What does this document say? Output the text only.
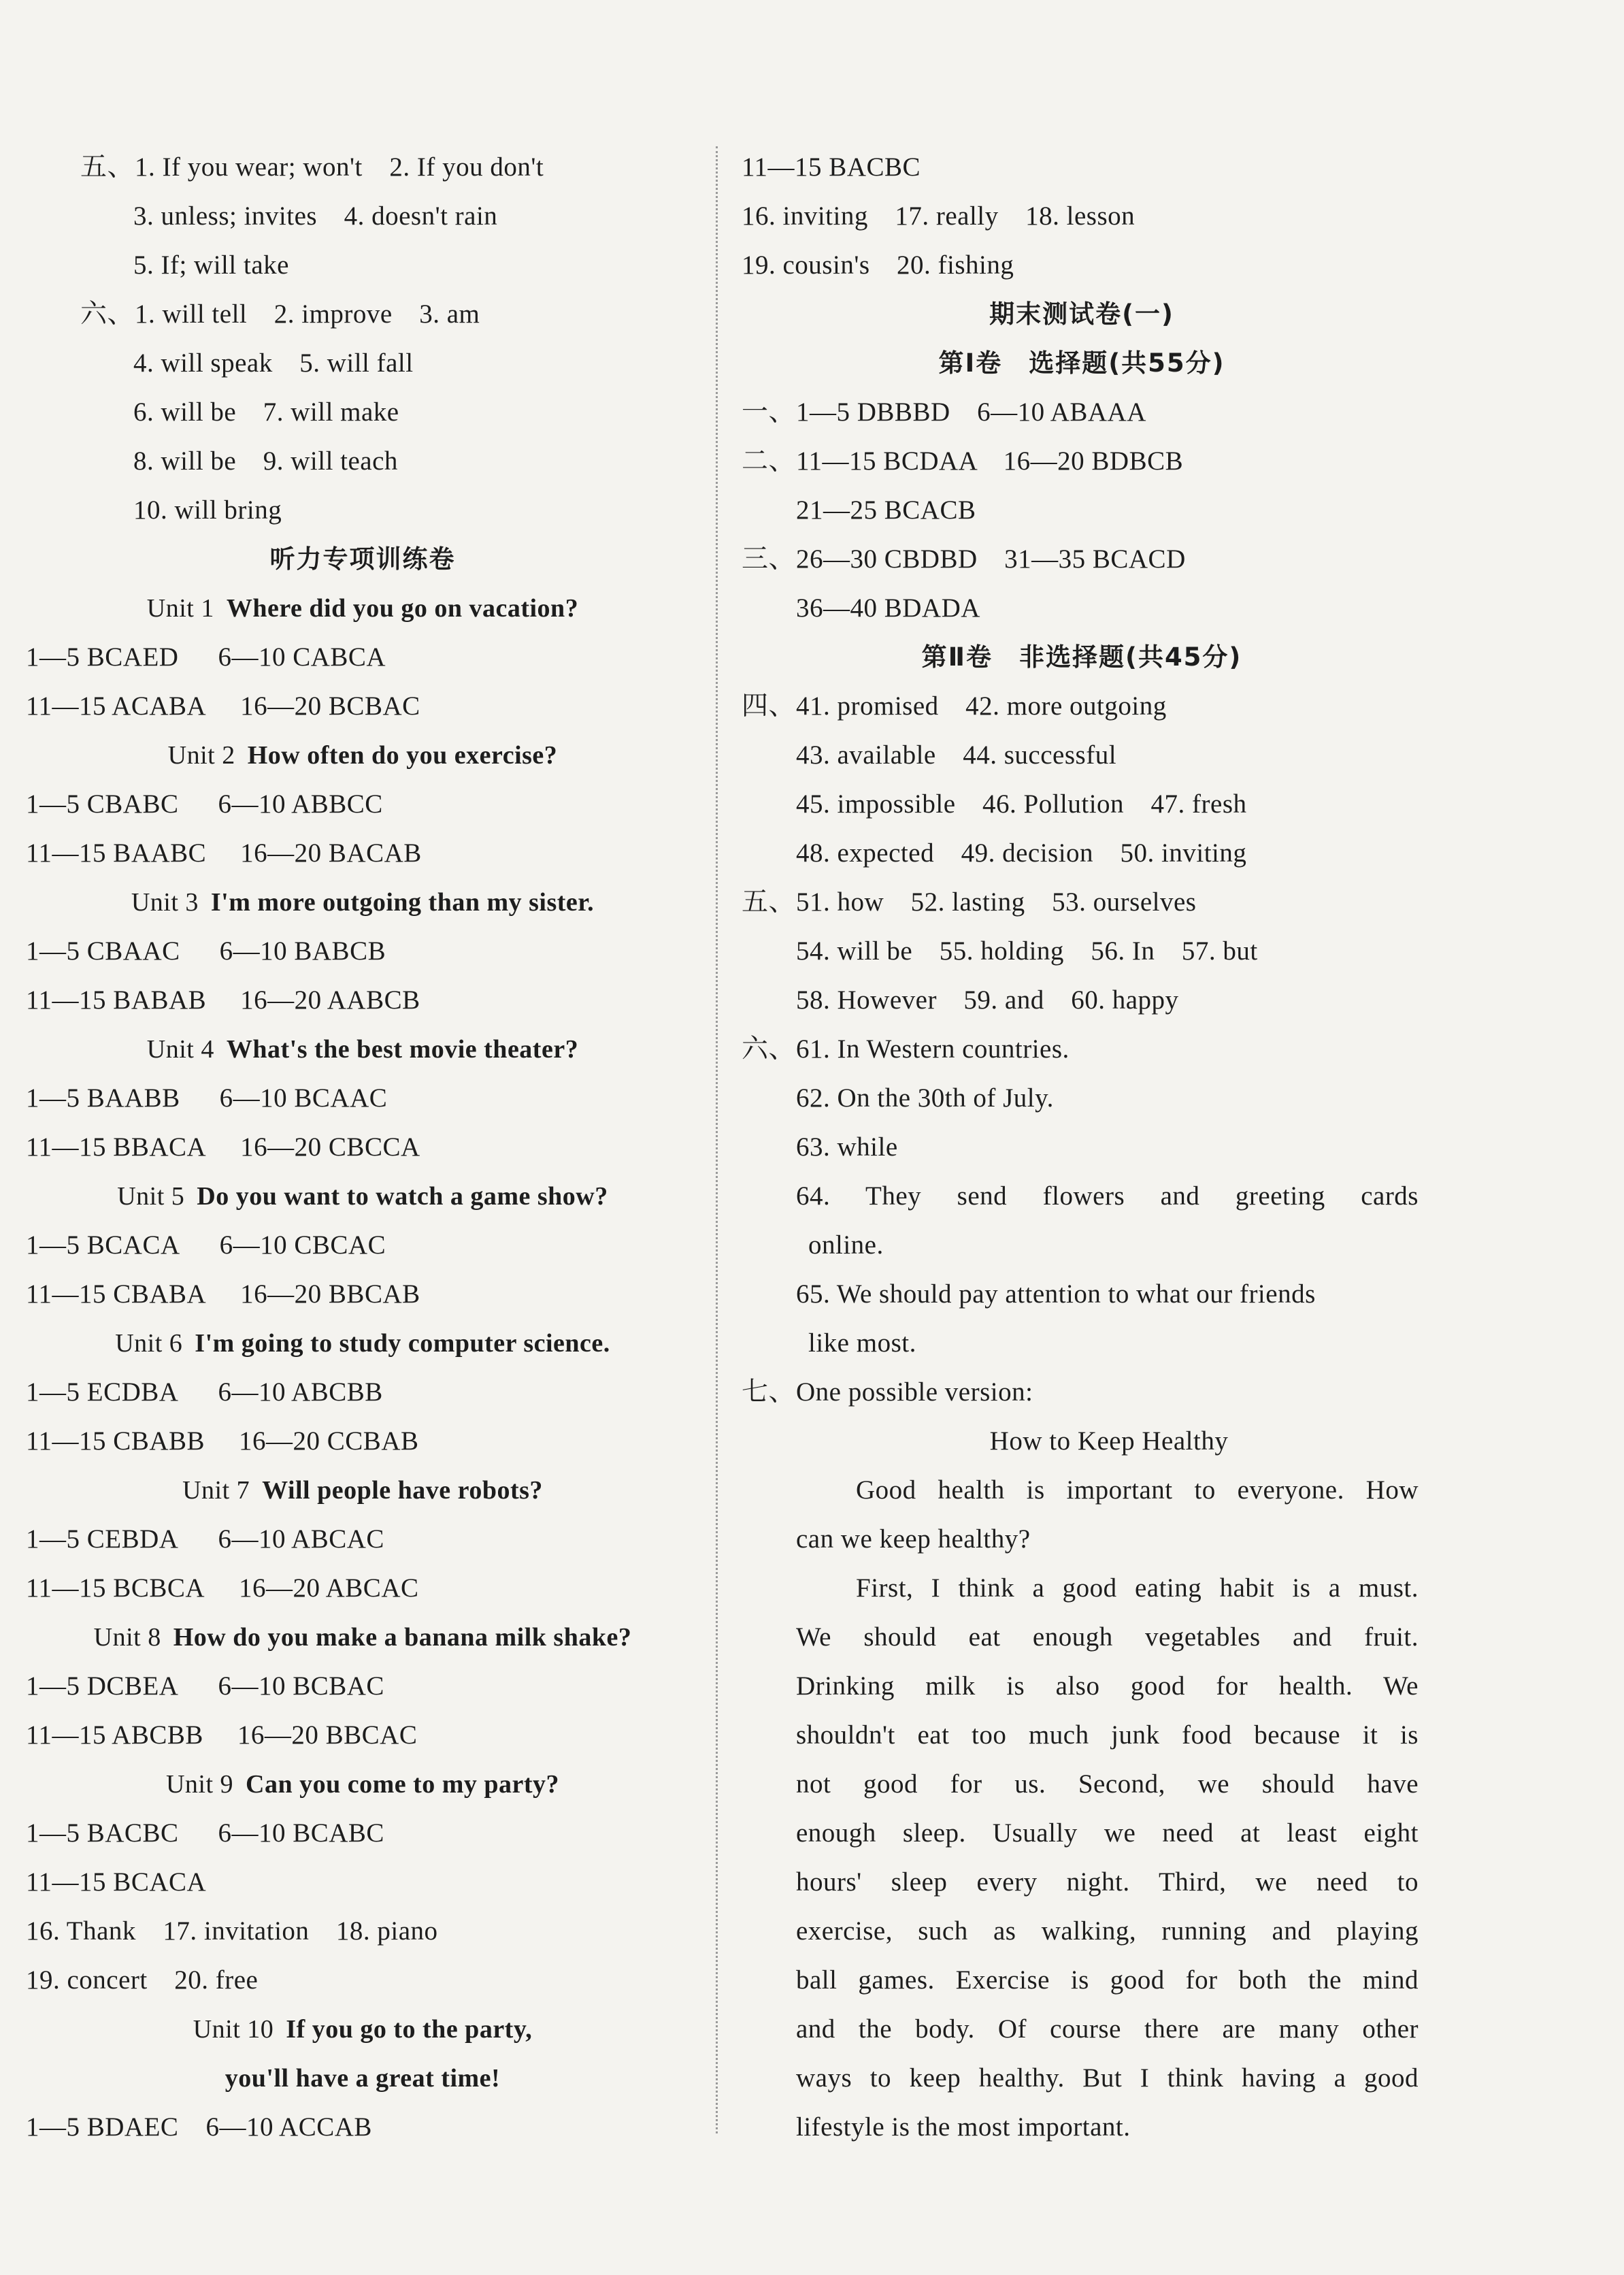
五、1. If you wear; won't　2. If you don't
3. unless; invites　4. doesn't rain
5. If; will take
六、1. will tell　2. improve　3. am
4. will speak　5. will fall
6. will be　7. will make
8. will be　9. will teach
10. will bring
听力专项训练卷
Unit 1 Where did you go on vacation?
1—5 BCAED 6—10 CABCA
11—15 ACABA 16—20 BCBAC
Unit 2 How often do you exercise?
1—5 CBABC 6—10 ABBCC
11—15 BAABC 16—20 BACAB
Unit 3 I'm more outgoing than my sister.
1—5 CBAAC 6—10 BABCB
11—15 BABAB 16—20 AABCB
Unit 4 What's the best movie theater?
1—5 BAABB 6—10 BCAAC
11—15 BBACA 16—20 CBCCA
Unit 5 Do you want to watch a game show?
1—5 BCACA 6—10 CBCAC
11—15 CBABA 16—20 BBCAB
Unit 6 I'm going to study computer science.
1—5 ECDBA 6—10 ABCBB
11—15 CBABB 16—20 CCBAB
Unit 7 Will people have robots?
1—5 CEBDA 6—10 ABCAC
11—15 BCBCA 16—20 ABCAC
Unit 8 How do you make a banana milk shake?
1—5 DCBEA 6—10 BCBAC
11—15 ABCBB 16—20 BBCAC
Unit 9 Can you come to my party?
1—5 BACBC 6—10 BCABC
11—15 BCACA
16. Thank　17. invitation　18. piano
19. concert　20. free
Unit 10 If you go to the party,
you'll have a great time!
1—5 BDAEC 6—10 ACCAB
11—15 BACBC
16. inviting　17. really　18. lesson
19. cousin's　20. fishing
期末测试卷(一)
第Ⅰ卷　选择题(共55分)
一、1—5 DBBBD　6—10 ABAAA
二、11—15 BCDAA　16—20 BDBCB
21—25 BCACB
三、26—30 CBDBD　31—35 BCACD
36—40 BDADA
第Ⅱ卷　非选择题(共45分)
四、41. promised　42. more outgoing
43. available　44. successful
45. impossible　46. Pollution　47. fresh
48. expected　49. decision　50. inviting
五、51. how　52. lasting　53. ourselves
54. will be　55. holding　56. In　57. but
58. However　59. and　60. happy
六、61. In Western countries.
62. On the 30th of July.
63. while
64. They send flowers and greeting cards
online.
65. We should pay attention to what our friends
like most.
七、One possible version:
How to Keep Healthy
Good health is important to everyone. How
can we keep healthy?
First, I think a good eating habit is a must.
We should eat enough vegetables and fruit.
Drinking milk is also good for health. We
shouldn't eat too much junk food because it is
not good for us. Second, we should have
enough sleep. Usually we need at least eight
hours' sleep every night. Third, we need to
exercise, such as walking, running and playing
ball games. Exercise is good for both the mind
and the body. Of course there are many other
ways to keep healthy. But I think having a good
lifestyle is the most important.
